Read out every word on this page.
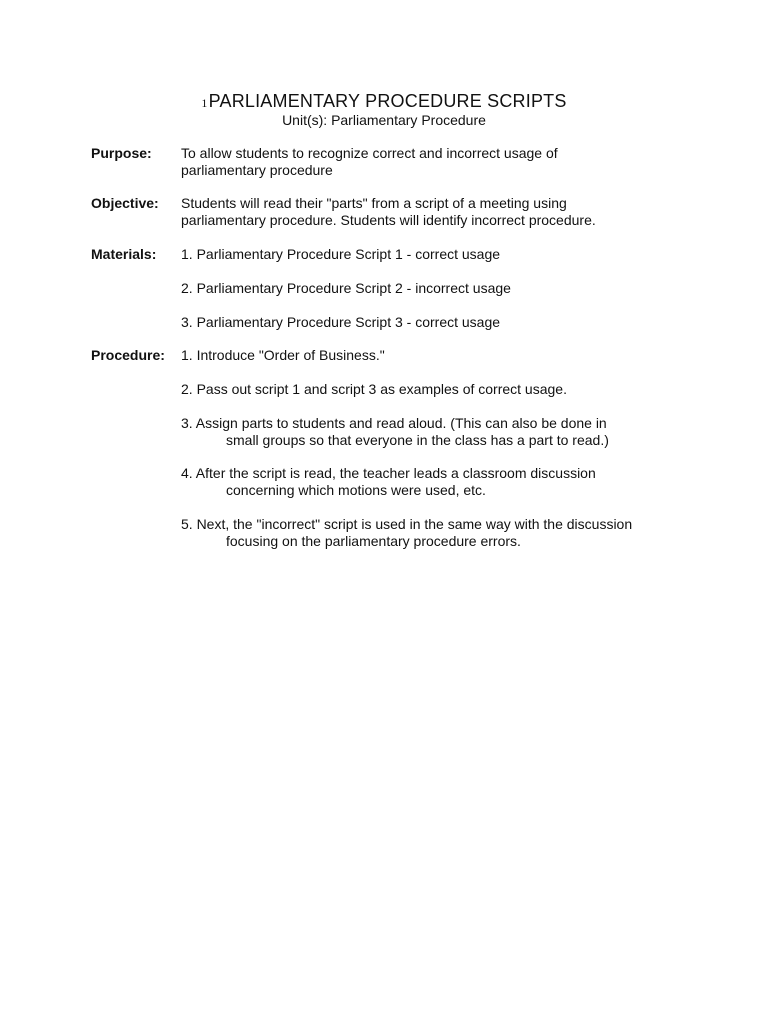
1PARLIAMENTARY PROCEDURE SCRIPTS
Unit(s): Parliamentary Procedure
Purpose: To allow students to recognize correct and incorrect usage of
parliamentary procedure
Objective: Students will read their "parts" from a script of a meeting using
parliamentary procedure. Students will identify incorrect procedure.
Materials: 1. Parliamentary Procedure Script 1 - correct usage
2. Parliamentary Procedure Script 2 - incorrect usage
3. Parliamentary Procedure Script 3 - correct usage
Procedure: 1. Introduce "Order of Business."
2. Pass out script 1 and script 3 as examples of correct usage.
3. Assign parts to students and read aloud. (This can also be done in
small groups so that everyone in the class has a part to read.)
4. After the script is read, the teacher leads a classroom discussion
concerning which motions were used, etc.
5. Next, the "incorrect" script is used in the same way with the discussion
focusing on the parliamentary procedure errors.
